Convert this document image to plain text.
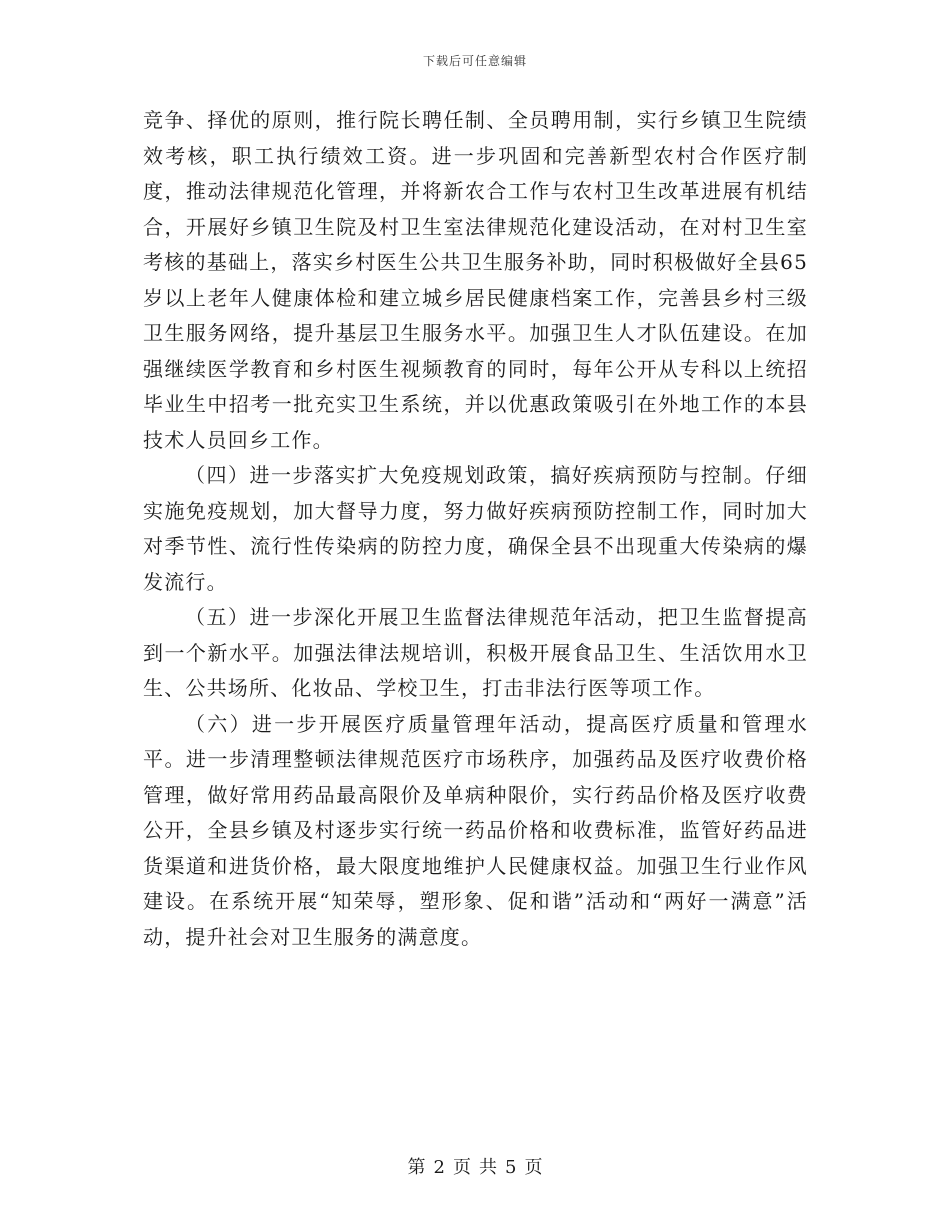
下载后可任意编辑

竞争、择优的原则，推行院长聘任制、全员聘用制，实行乡镇卫生院绩效考核，职工执行绩效工资。进一步巩固和完善新型农村合作医疗制度，推动法律规范化管理，并将新农合工作与农村卫生改革进展有机结合，开展好乡镇卫生院及村卫生室法律规范化建设活动，在对村卫生室考核的基础上，落实乡村医生公共卫生服务补助，同时积极做好全县65岁以上老年人健康体检和建立城乡居民健康档案工作，完善县乡村三级卫生服务网络，提升基层卫生服务水平。加强卫生人才队伍建设。在加强继续医学教育和乡村医生视频教育的同时，每年公开从专科以上统招毕业生中招考一批充实卫生系统，并以优惠政策吸引在外地工作的本县技术人员回乡工作。

（四）进一步落实扩大免疫规划政策，搞好疾病预防与控制。仔细实施免疫规划，加大督导力度，努力做好疾病预防控制工作，同时加大对季节性、流行性传染病的防控力度，确保全县不出现重大传染病的爆发流行。

（五）进一步深化开展卫生监督法律规范年活动，把卫生监督提高到一个新水平。加强法律法规培训，积极开展食品卫生、生活饮用水卫生、公共场所、化妆品、学校卫生，打击非法行医等项工作。

（六）进一步开展医疗质量管理年活动，提高医疗质量和管理水平。进一步清理整顿法律规范医疗市场秩序，加强药品及医疗收费价格管理，做好常用药品最高限价及单病种限价，实行药品价格及医疗收费公开，全县乡镇及村逐步实行统一药品价格和收费标准，监管好药品进货渠道和进货价格，最大限度地维护人民健康权益。加强卫生行业作风建设。在系统开展“知荣辱，塑形象、促和谐”活动和“两好一满意”活动，提升社会对卫生服务的满意度。

第 2 页 共 5 页
